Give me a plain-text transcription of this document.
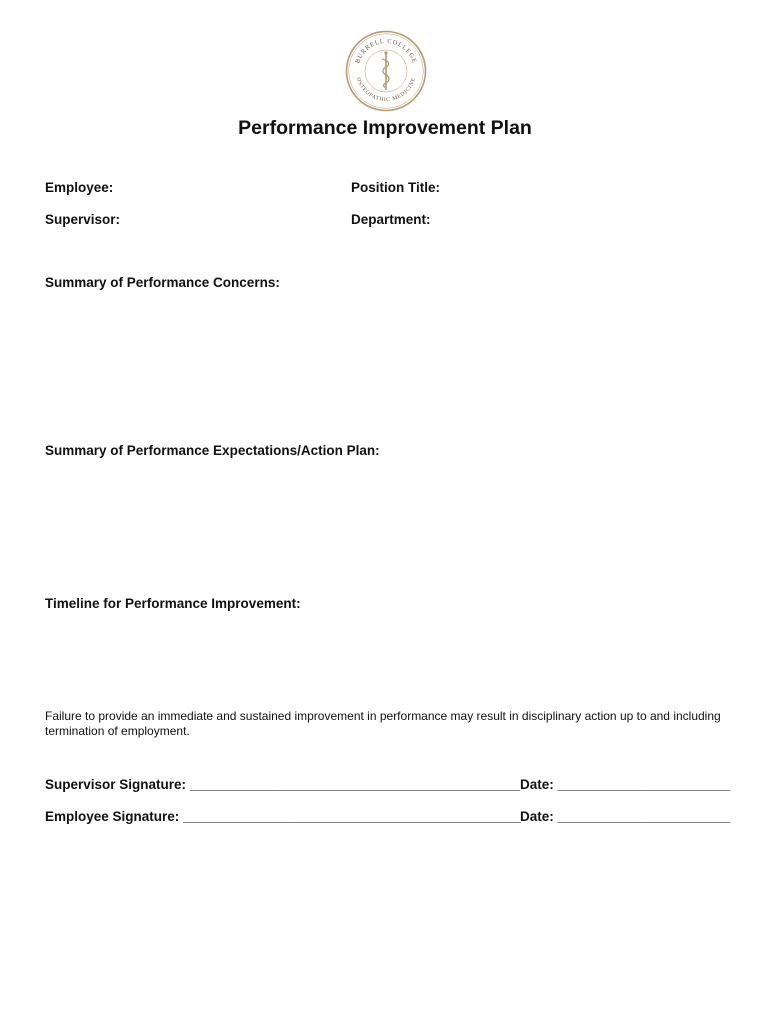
BURRELL COLLEGE
OSTEOPATHIC MEDICINE
Performance Improvement Plan
Employee:	Position Title:
Supervisor:	Department:
Summary of Performance Concerns:
Summary of Performance Expectations/Action Plan:
Timeline for Performance Improvement:

Failure to provide an immediate and sustained improvement in performance may result in disciplinary action up to and including termination of employment.

Supervisor Signature: ____________________________________________ Date: _______________________
Employee Signature: _____________________________________________ Date: _______________________
